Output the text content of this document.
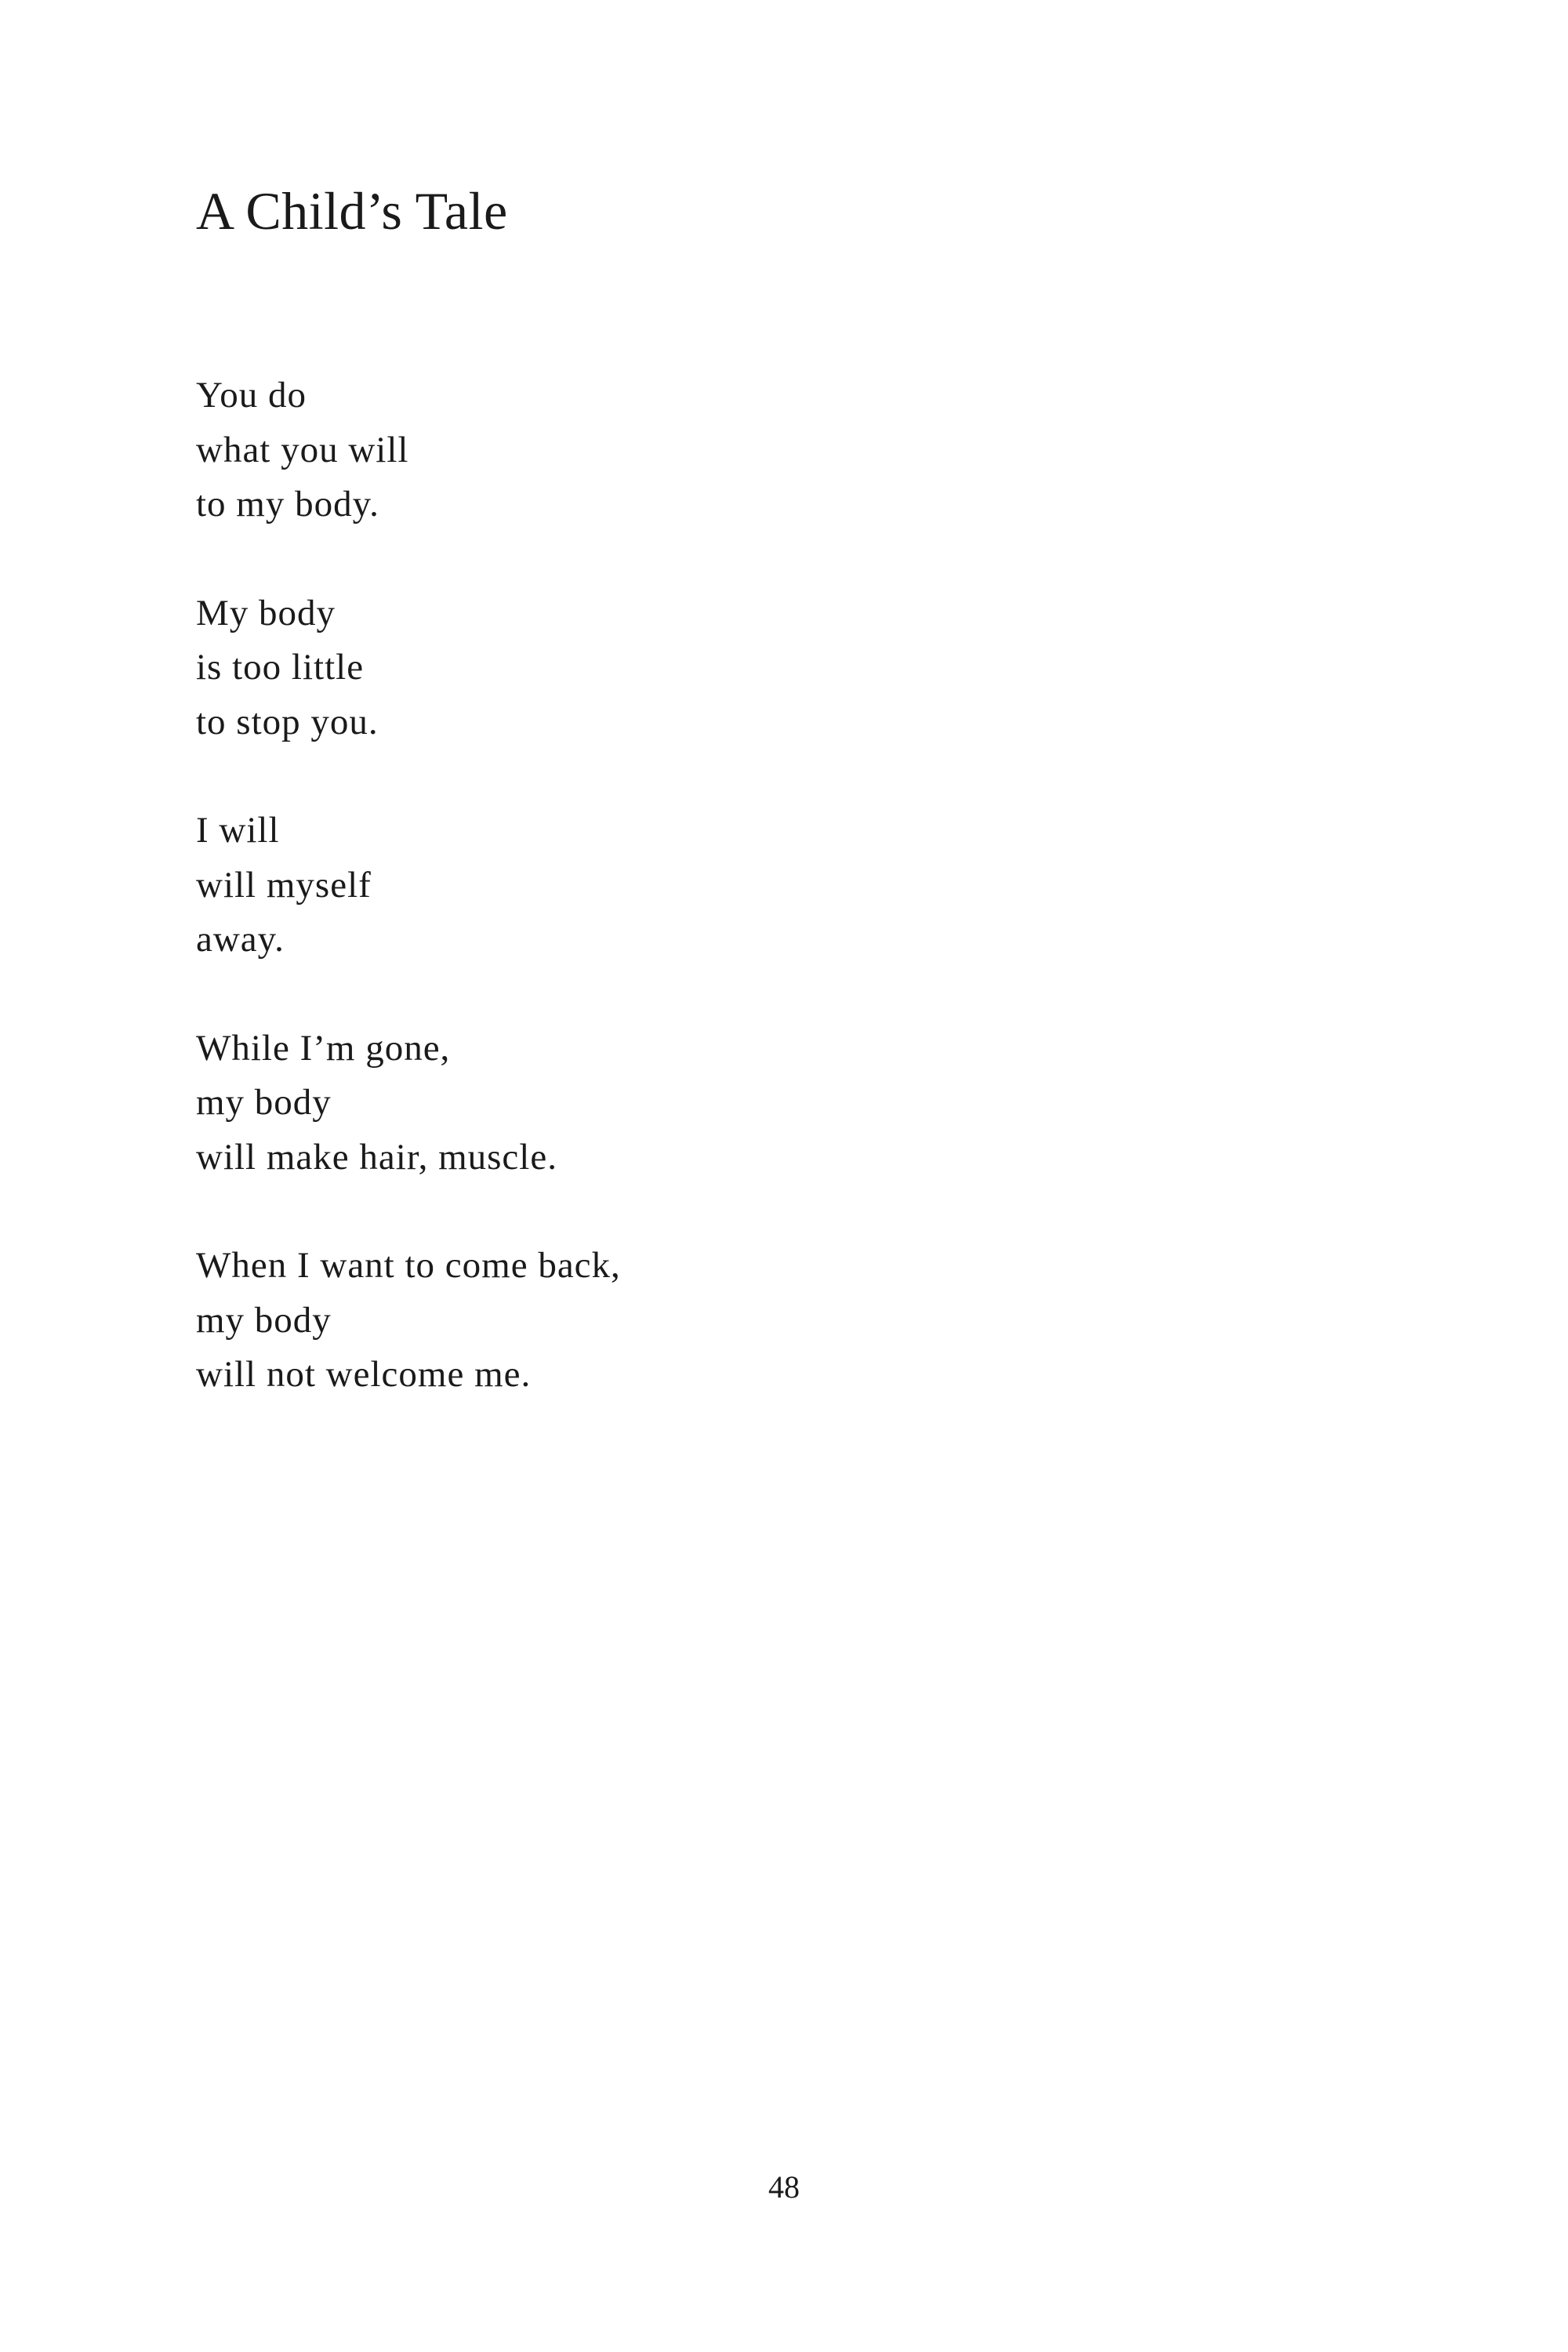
A Child’s Tale
You do
what you will
to my body.
My body
is too little
to stop you.
I will
will myself
away.
While I’m gone,
my body
will make hair, muscle.
When I want to come back,
my body
will not welcome me.
48
